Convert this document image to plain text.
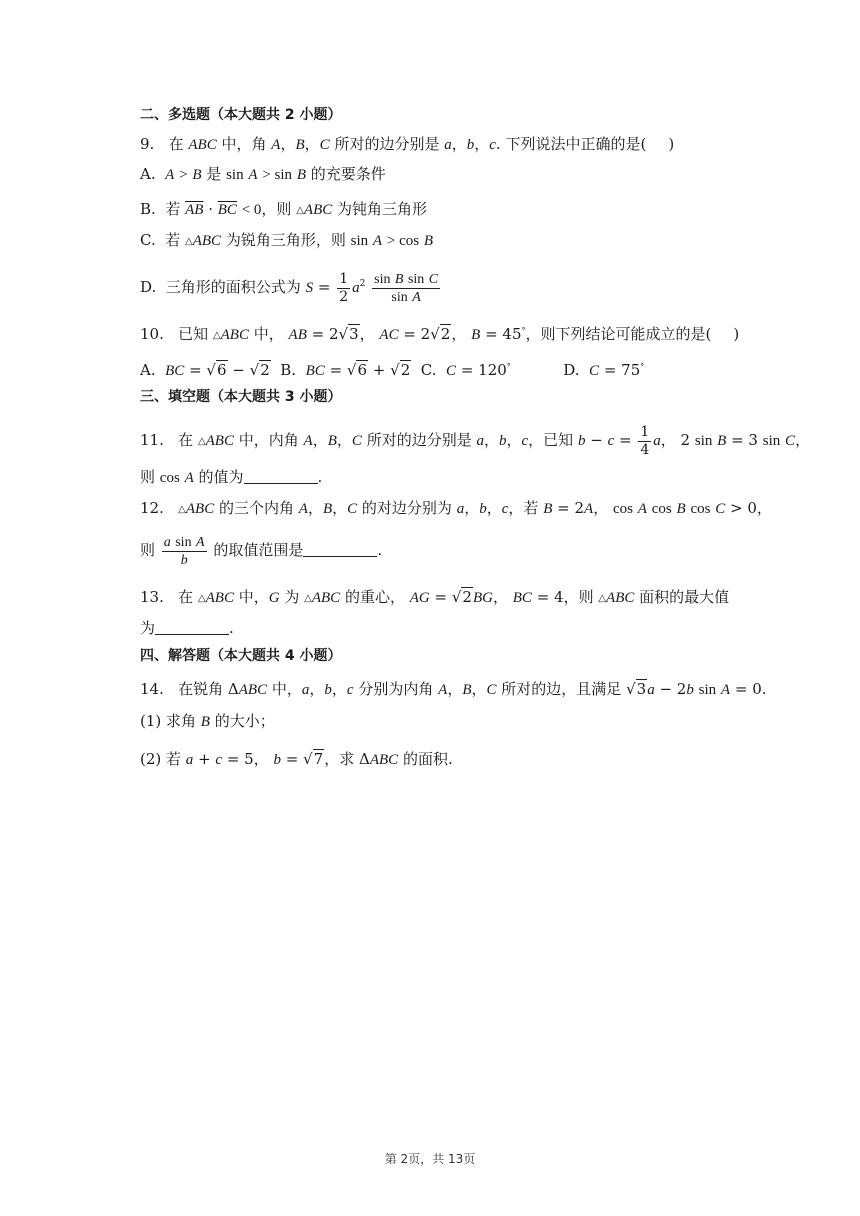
二、多选题（本大题共 2 小题）
9.   在 ABC 中，角 A，B，C 所对的边分别是 a，b，c. 下列说法中正确的是( )
A.  A > B 是 sin A > sin B 的充要条件
B.  若 $\overline{AB} \cdot \overline{BC} < 0$，则 △ABC 为钝角三角形
C.  若 △ABC 为锐角三角形，则 sin A > cos B
D.  三角形的面积公式为 $S = \frac{1}{2} a^2 \frac{\text{sin B sin C}}{\text{sin A}}$
10.   已知 △ABC 中， AB = 2√3， AC = 2√2， B = 45°，则下列结论可能成立的是( )
A.  BC = √6 − √2  B.  BC = √6 + √2  C.  C = 120°           D.  C = 75°
三、填空题（本大题共 3 小题）
11.   在 △ABC 中，内角 A，B，C 所对的边分别是 a，b，c，已知 $b - c = \frac{1}{4}$ a， 2 sin B = 3 sin C，
则 cos A 的值为	.
12. △ABC 的三个内角 A，B，C 的对边分别为 a，b，c，若 B = 2A， cos A cos B cos C > 0，
则 $\frac{\text{a sin A}}{b}$ 的取值范围是	.
13.   在 △ABC 中，G 为 △ABC 的重心， AG = √2BG， BC = 4，则 △ABC 面积的最大值
为	.
四、解答题（本大题共 4 小题）
14.   在锐角 ΔABC 中，a，b，c 分别为内角 A，B，C 所对的边，且满足 √3a − 2b sin A = 0.
(1) 求角 B 的大小；
(2) 若 a + c = 5， b = √7，求 ΔABC 的面积.
第 2页，共 13页
